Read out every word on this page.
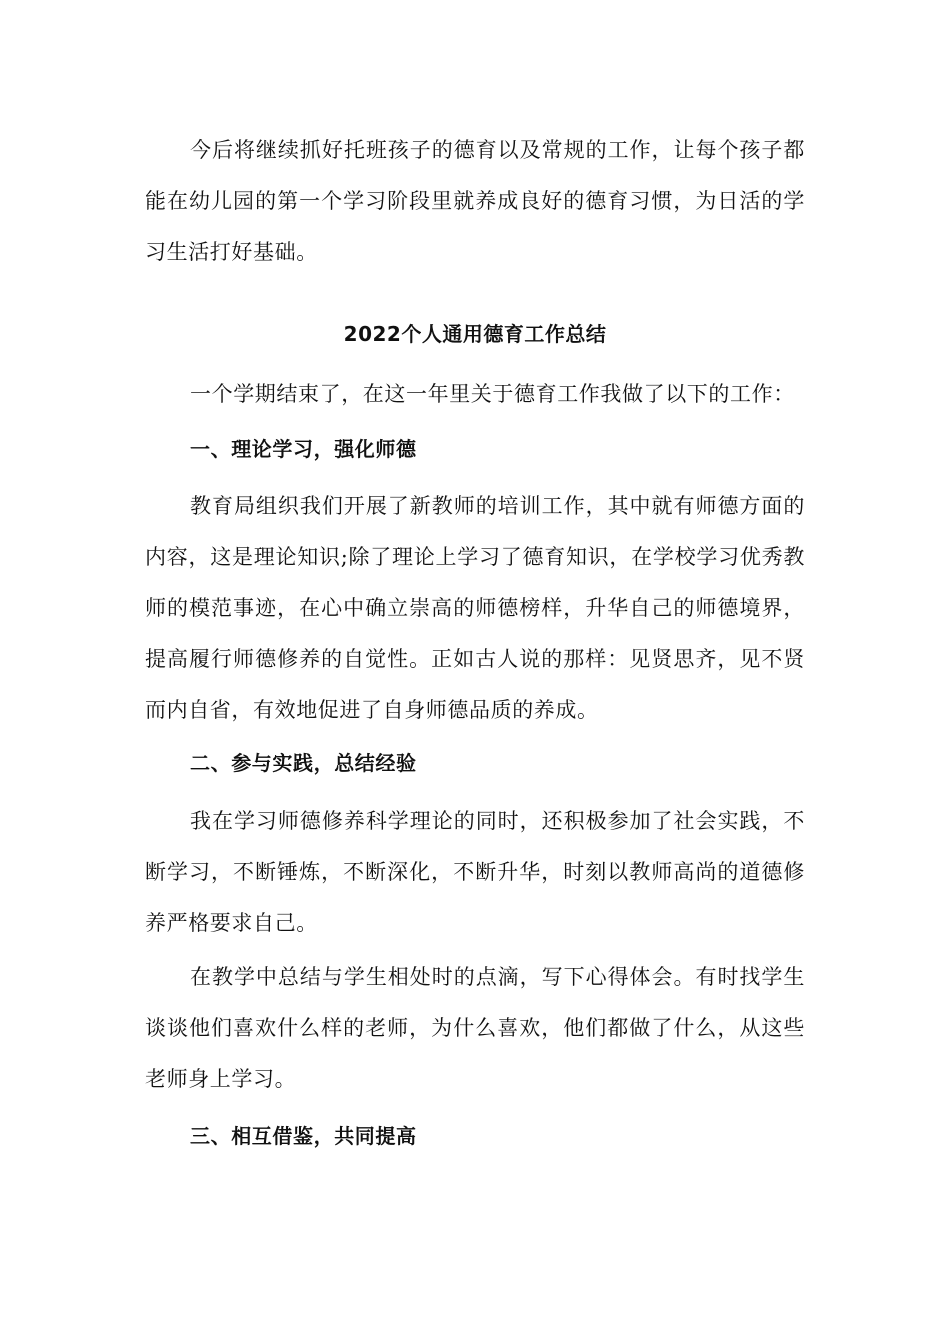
今后将继续抓好托班孩子的德育以及常规的工作，让每个孩子都能在幼儿园的第一个学习阶段里就养成良好的德育习惯，为日活的学习生活打好基础。

2022个人通用德育工作总结

一个学期结束了，在这一年里关于德育工作我做了以下的工作：

一、理论学习，强化师德

教育局组织我们开展了新教师的培训工作，其中就有师德方面的内容，这是理论知识;除了理论上学习了德育知识，在学校学习优秀教师的模范事迹，在心中确立崇高的师德榜样，升华自己的师德境界，提高履行师德修养的自觉性。正如古人说的那样：见贤思齐，见不贤而内自省，有效地促进了自身师德品质的养成。

二、参与实践，总结经验

我在学习师德修养科学理论的同时，还积极参加了社会实践，不断学习，不断锤炼，不断深化，不断升华，时刻以教师高尚的道德修养严格要求自己。

在教学中总结与学生相处时的点滴，写下心得体会。有时找学生谈谈他们喜欢什么样的老师，为什么喜欢，他们都做了什么，从这些老师身上学习。

三、相互借鉴，共同提高
